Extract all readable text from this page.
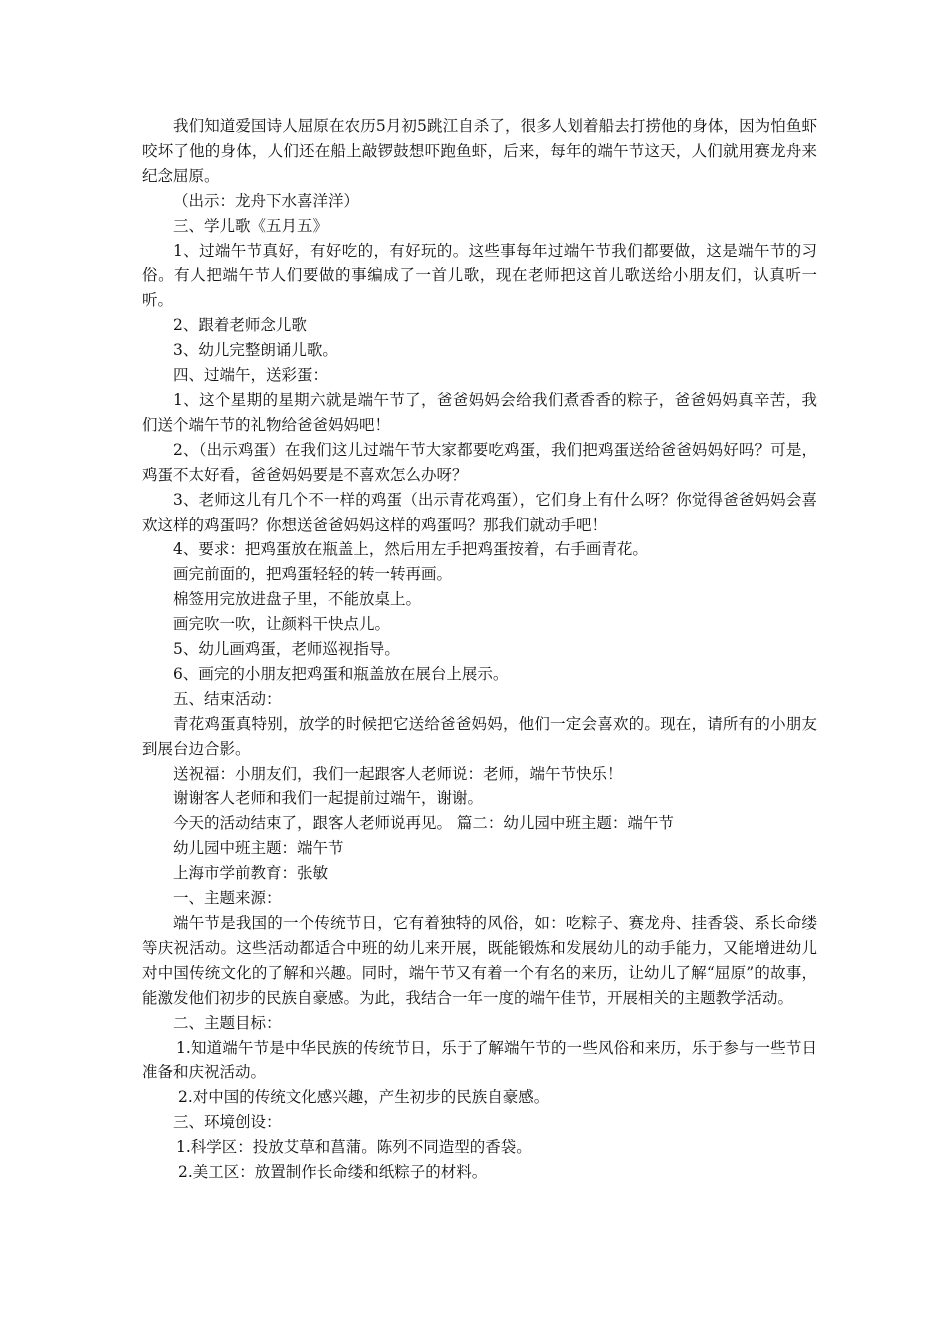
我们知道爱国诗人屈原在农历5月初5跳江自杀了，很多人划着船去打捞他的身体，因为怕鱼虾咬坏了他的身体，人们还在船上敲锣鼓想吓跑鱼虾，后来，每年的端午节这天，人们就用赛龙舟来纪念屈原。

（出示：龙舟下水喜洋洋）

三、学儿歌《五月五》

1、过端午节真好，有好吃的，有好玩的。这些事每年过端午节我们都要做，这是端午节的习俗。有人把端午节人们要做的事编成了一首儿歌，现在老师把这首儿歌送给小朋友们，认真听一听。

2、跟着老师念儿歌

3、幼儿完整朗诵儿歌。

四、过端午，送彩蛋：

1、这个星期的星期六就是端午节了，爸爸妈妈会给我们煮香香的粽子，爸爸妈妈真辛苦，我们送个端午节的礼物给爸爸妈妈吧！

2、（出示鸡蛋）在我们这儿过端午节大家都要吃鸡蛋，我们把鸡蛋送给爸爸妈妈好吗？可是，鸡蛋不太好看，爸爸妈妈要是不喜欢怎么办呀？

3、老师这儿有几个不一样的鸡蛋（出示青花鸡蛋），它们身上有什么呀？你觉得爸爸妈妈会喜欢这样的鸡蛋吗？你想送爸爸妈妈这样的鸡蛋吗？那我们就动手吧！

4、要求：把鸡蛋放在瓶盖上，然后用左手把鸡蛋按着，右手画青花。

画完前面的，把鸡蛋轻轻的转一转再画。

棉签用完放进盘子里，不能放桌上。

画完吹一吹，让颜料干快点儿。

5、幼儿画鸡蛋，老师巡视指导。

6、画完的小朋友把鸡蛋和瓶盖放在展台上展示。

五、结束活动：

青花鸡蛋真特别，放学的时候把它送给爸爸妈妈，他们一定会喜欢的。现在，请所有的小朋友到展台边合影。

送祝福：小朋友们，我们一起跟客人老师说：老师，端午节快乐！

谢谢客人老师和我们一起提前过端午，谢谢。

今天的活动结束了，跟客人老师说再见。 篇二：幼儿园中班主题：端午节

幼儿园中班主题：端午节

上海市学前教育：张敏

一、主题来源：

端午节是我国的一个传统节日，它有着独特的风俗，如：吃粽子、赛龙舟、挂香袋、系长命缕等庆祝活动。这些活动都适合中班的幼儿来开展，既能锻炼和发展幼儿的动手能力，又能增进幼儿对中国传统文化的了解和兴趣。同时，端午节又有着一个有名的来历，让幼儿了解“屈原”的故事，能激发他们初步的民族自豪感。为此，我结合一年一度的端午佳节，开展相关的主题教学活动。

二、主题目标：

1.知道端午节是中华民族的传统节日，乐于了解端午节的一些风俗和来历，乐于参与一些节日准备和庆祝活动。

2.对中国的传统文化感兴趣，产生初步的民族自豪感。

三、环境创设：

1.科学区：投放艾草和菖蒲。陈列不同造型的香袋。

2.美工区：放置制作长命缕和纸粽子的材料。
